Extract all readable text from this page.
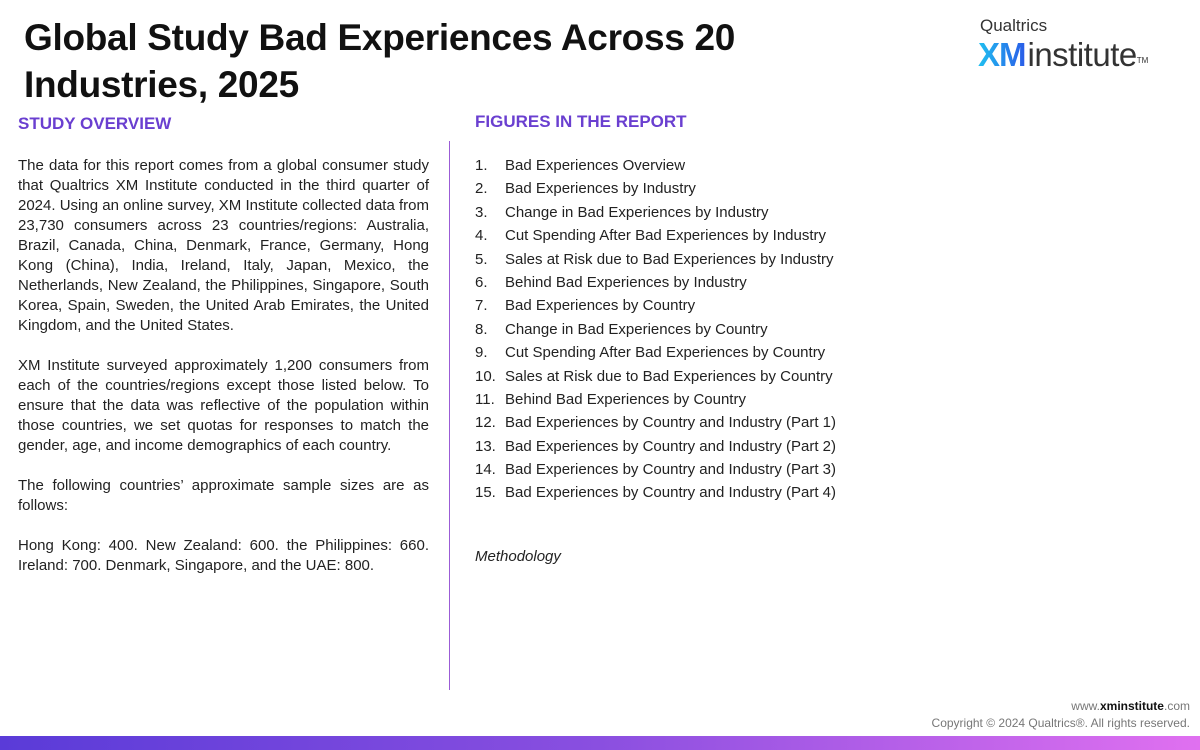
Global Study Bad Experiences Across 20 Industries, 2025
Qualtrics
XMinstitute™
STUDY OVERVIEW	FIGURES IN THE REPORT

The data for this report comes from a global consumer study that Qualtrics XM Institute conducted in the third quarter of 2024. Using an online survey, XM Institute collected data from 23,730 consumers across 23 countries/regions: Australia, Brazil, Canada, China, Denmark, France, Germany, Hong Kong (China), India, Ireland, Italy, Japan, Mexico, the Netherlands, New Zealand, the Philippines, Singapore, South Korea, Spain, Sweden, the United Arab Emirates, the United Kingdom, and the United States.

XM Institute surveyed approximately 1,200 consumers from each of the countries/regions except those listed below. To ensure that the data was reflective of the population within those countries, we set quotas for responses to match the gender, age, and income demographics of each country.

The following countries’ approximate sample sizes are as follows:

Hong Kong: 400. New Zealand: 600. the Philippines: 660. Ireland: 700. Denmark, Singapore, and the UAE: 800.

1. Bad Experiences Overview
2. Bad Experiences by Industry
3. Change in Bad Experiences by Industry
4. Cut Spending After Bad Experiences by Industry
5. Sales at Risk due to Bad Experiences by Industry
6. Behind Bad Experiences by Industry
7. Bad Experiences by Country
8. Change in Bad Experiences by Country
9. Cut Spending After Bad Experiences by Country
10. Sales at Risk due to Bad Experiences by Country
11. Behind Bad Experiences by Country
12. Bad Experiences by Country and Industry (Part 1)
13. Bad Experiences by Country and Industry (Part 2)
14. Bad Experiences by Country and Industry (Part 3)
15. Bad Experiences by Country and Industry (Part 4)
Methodology
www.xminstitute.com
Copyright © 2024 Qualtrics®. All rights reserved.
